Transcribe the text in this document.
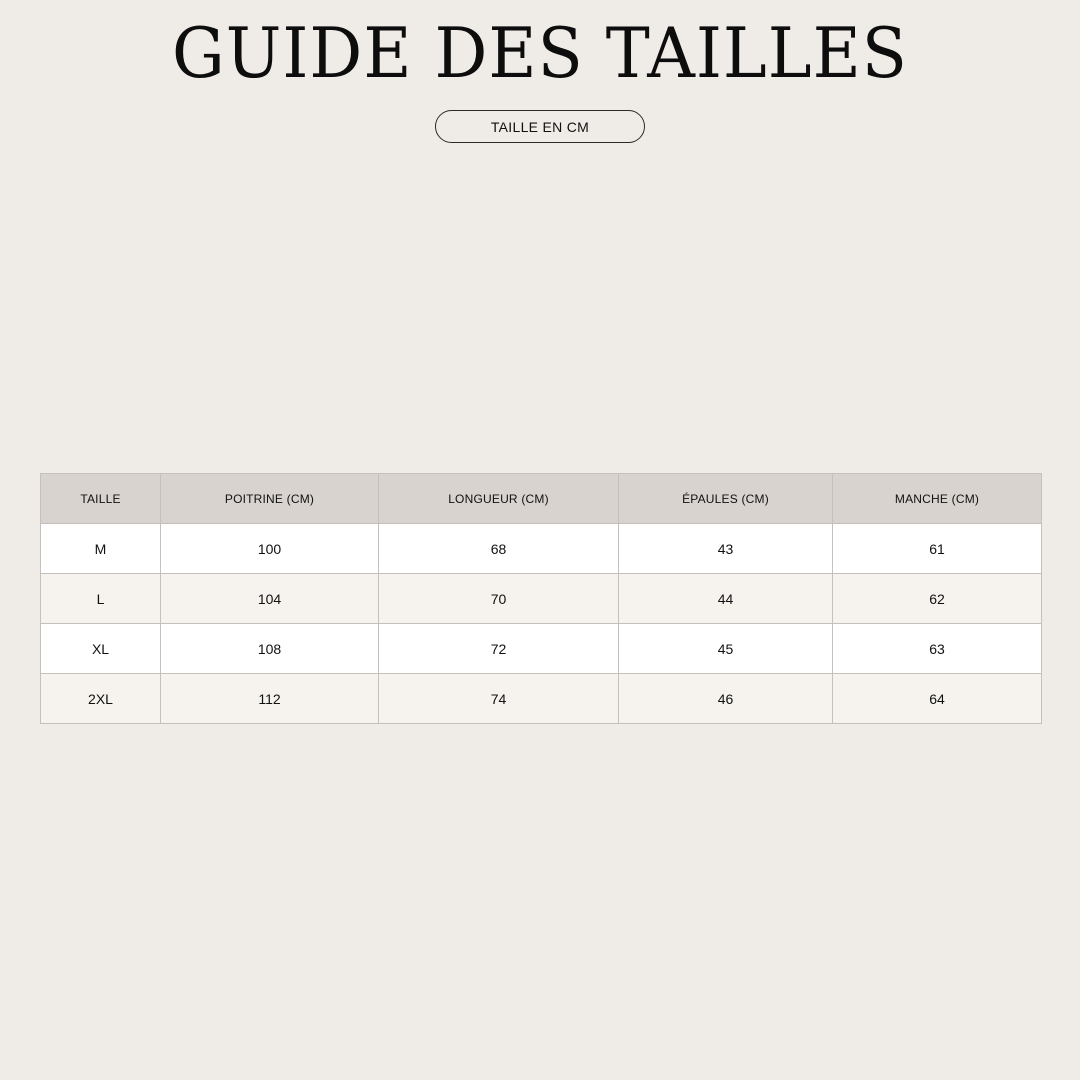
GUIDE DES TAILLES
TAILLE EN CM
TAILLE	POITRINE (CM)	LONGUEUR (CM)	ÉPAULES (CM)	MANCHE (CM)
M	100	68	43	61
L	104	70	44	62
XL	108	72	45	63
2XL	112	74	46	64
